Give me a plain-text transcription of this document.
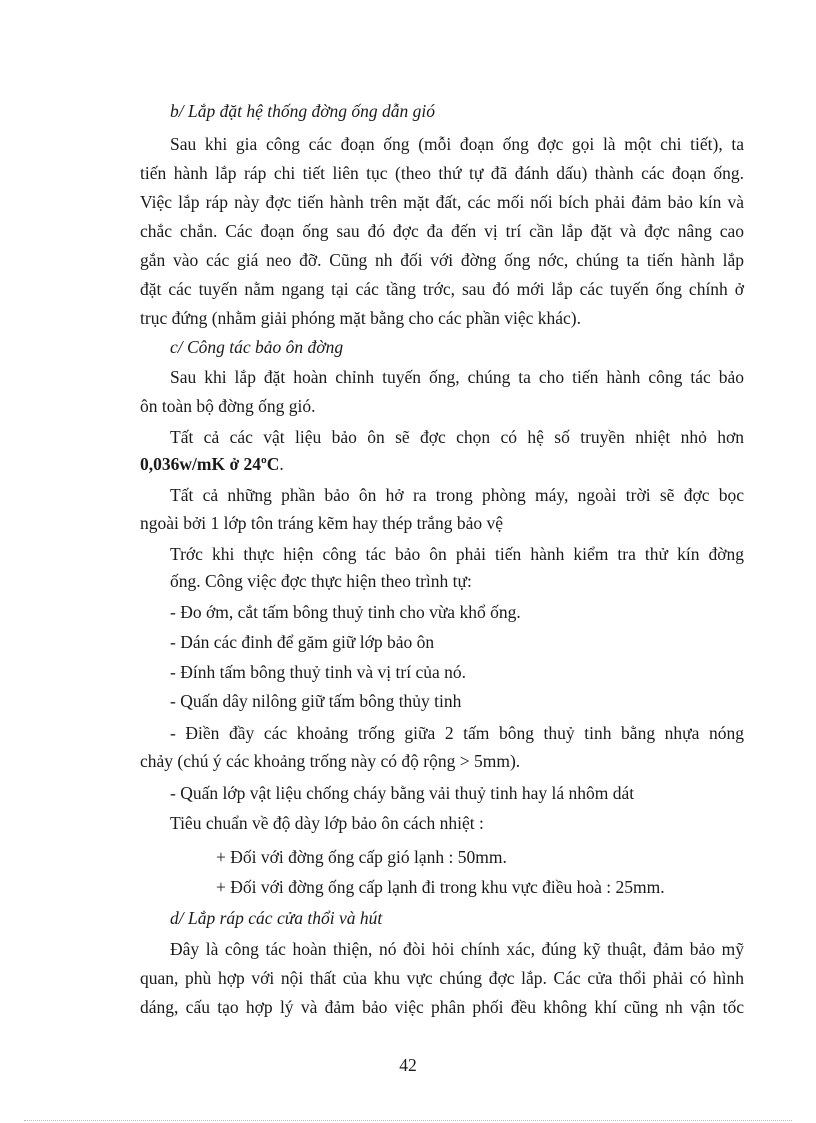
b/ Lắp đặt hệ thống đờng ống dẫn gió
Sau khi gia công các đoạn ống (mỗi đoạn ống đợc gọi là một chi tiết), ta
tiến hành lắp ráp chi tiết liên tục (theo thứ tự đã đánh dấu) thành các đoạn ống.
Việc lắp ráp này đợc tiến hành trên mặt đất, các mối nối bích phải đảm bảo kín và
chắc chắn. Các đoạn ống sau đó đợc đa đến vị trí cần lắp đặt và đợc nâng cao
gắn vào các giá neo đỡ. Cũng nh đối với đờng ống nớc, chúng ta tiến hành lắp
đặt các tuyến nằm ngang tại các tầng trớc, sau đó mới lắp các tuyến ống chính ở
trục đứng (nhằm giải phóng mặt bằng cho các phần việc khác).
c/ Công tác bảo ôn đờng
Sau khi lắp đặt hoàn chỉnh tuyến ống, chúng ta cho tiến hành công tác bảo
ôn toàn bộ đờng ống gió.
Tất cả các vật liệu bảo ôn sẽ đợc chọn có hệ số truyền nhiệt nhỏ hơn
0,036w/mK ở 24ºC.
Tất cả những phần bảo ôn hở ra trong phòng máy, ngoài trời sẽ đợc bọc
ngoài bởi 1 lớp tôn tráng kẽm hay thép trắng bảo vệ
Trớc khi thực hiện công tác bảo ôn phải tiến hành kiểm tra thử kín đờng
ống. Công việc đợc thực hiện theo trình tự:
- Đo ớm, cắt tấm bông thuỷ tinh cho vừa khổ ống.
- Dán các đinh để găm giữ lớp bảo ôn
- Đính tấm bông thuỷ tinh và vị trí của nó.
- Quấn dây nilông giữ tấm bông thủy tinh
- Điền đầy các khoảng trống giữa 2 tấm bông thuỷ tinh bằng nhựa nóng
chảy (chú ý các khoảng trống này có độ rộng > 5mm).
- Quấn lớp vật liệu chống cháy bằng vải thuỷ tinh hay lá nhôm dát
Tiêu chuẩn về độ dày lớp bảo ôn cách nhiệt :
+ Đối với đờng ống cấp gió lạnh : 50mm.
+ Đối với đờng ống cấp lạnh đi trong khu vực điều hoà : 25mm.
d/ Lắp ráp các cửa thổi và hút
Đây là công tác hoàn thiện, nó đòi hỏi chính xác, đúng kỹ thuật, đảm bảo mỹ
quan, phù hợp với nội thất của khu vực chúng đợc lắp. Các cửa thổi phải có hình
dáng, cấu tạo hợp lý và đảm bảo việc phân phối đều không khí cũng nh vận tốc
42
